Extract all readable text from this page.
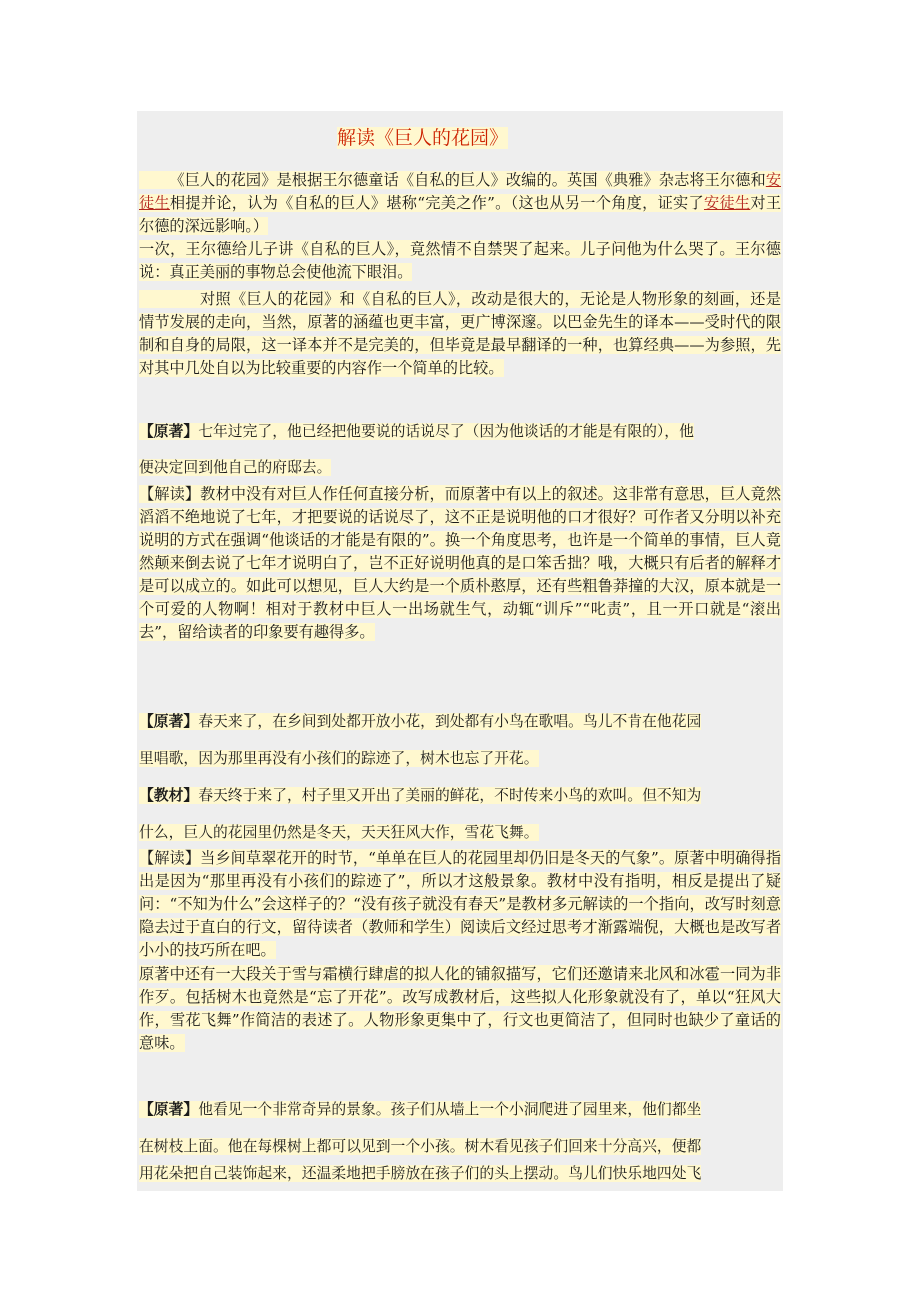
解读《巨人的花园》

  《巨人的花园》是根据王尔德童话《自私的巨人》改编的。英国《典雅》杂志将王尔德和安徒生相提并论，认为《自私的巨人》堪称“完美之作”。（这也从另一个角度，证实了安徒生对王尔德的深远影响。）

一次，王尔德给儿子讲《自私的巨人》，竟然情不自禁哭了起来。儿子问他为什么哭了。王尔德说：真正美丽的事物总会使他流下眼泪。

    对照《巨人的花园》和《自私的巨人》，改动是很大的，无论是人物形象的刻画，还是情节发展的走向，当然，原著的涵蕴也更丰富，更广博深邃。以巴金先生的译本——受时代的限制和自身的局限，这一译本并不是完美的，但毕竟是最早翻译的一种，也算经典——为参照，先对其中几处自以为比较重要的内容作一个简单的比较。

【原著】七年过完了，他已经把他要说的话说尽了（因为他谈话的才能是有限的），他

便决定回到他自己的府邸去。

【解读】教材中没有对巨人作任何直接分析，而原著中有以上的叙述。这非常有意思，巨人竟然滔滔不绝地说了七年，才把要说的话说尽了，这不正是说明他的口才很好？可作者又分明以补充说明的方式在强调“他谈话的才能是有限的”。换一个角度思考，也许是一个简单的事情，巨人竟然颠来倒去说了七年才说明白了，岂不正好说明他真的是口笨舌拙？哦，大概只有后者的解释才是可以成立的。如此可以想见，巨人大约是一个质朴憨厚，还有些粗鲁莽撞的大汉，原本就是一个可爱的人物啊！相对于教材中巨人一出场就生气，动辄“训斥”“叱责”，且一开口就是“滚出去”，留给读者的印象要有趣得多。

【原著】春天来了，在乡间到处都开放小花，到处都有小鸟在歌唱。鸟儿不肯在他花园

里唱歌，因为那里再没有小孩们的踪迹了，树木也忘了开花。

【教材】春天终于来了，村子里又开出了美丽的鲜花，不时传来小鸟的欢叫。但不知为

什么，巨人的花园里仍然是冬天，天天狂风大作，雪花飞舞。

【解读】当乡间草翠花开的时节，“单单在巨人的花园里却仍旧是冬天的气象”。原著中明确得指出是因为“那里再没有小孩们的踪迹了”，所以才这般景象。教材中没有指明，相反是提出了疑问：“不知为什么”会这样子的？“没有孩子就没有春天”是教材多元解读的一个指向，改写时刻意隐去过于直白的行文，留待读者（教师和学生）阅读后文经过思考才渐露端倪，大概也是改写者小小的技巧所在吧。

原著中还有一大段关于雪与霜横行肆虐的拟人化的铺叙描写，它们还邀请来北风和冰雹一同为非作歹。包括树木也竟然是“忘了开花”。改写成教材后，这些拟人化形象就没有了，单以“狂风大作，雪花飞舞”作简洁的表述了。人物形象更集中了，行文也更简洁了，但同时也缺少了童话的意味。

【原著】他看见一个非常奇异的景象。孩子们从墙上一个小洞爬进了园里来，他们都坐

在树枝上面。他在每棵树上都可以见到一个小孩。树木看见孩子们回来十分高兴，便都

用花朵把自己装饰起来，还温柔地把手膀放在孩子们的头上摆动。鸟儿们快乐地四处飞
